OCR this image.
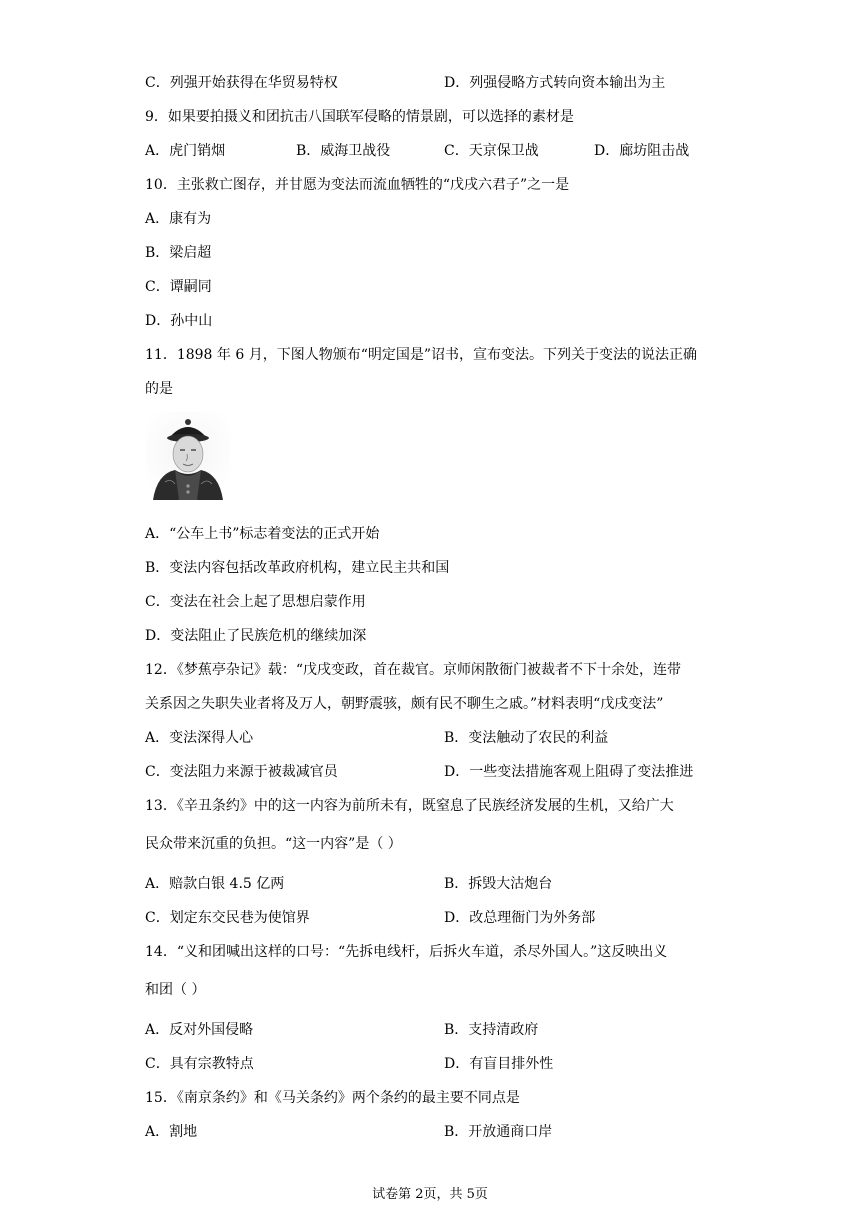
C．列强开始获得在华贸易特权	D．列强侵略方式转向资本输出为主
9．如果要拍摄义和团抗击八国联军侵略的情景剧，可以选择的素材是
A．虎门销烟	B．威海卫战役	C．天京保卫战	D．廊坊阻击战
10．主张救亡图存，并甘愿为变法而流血牺牲的“戊戌六君子”之一是
A．康有为
B．梁启超
C．谭嗣同
D．孙中山
11．1898 年 6 月，下图人物颁布“明定国是”诏书，宣布变法。下列关于变法的说法正确
的是
A．“公车上书”标志着变法的正式开始
B．变法内容包括改革政府机构，建立民主共和国
C．变法在社会上起了思想启蒙作用
D．变法阻止了民族危机的继续加深
12．《梦蕉亭杂记》载：“戊戌变政，首在裁官。京师闲散衙门被裁者不下十余处，连带
关系因之失职失业者将及万人，朝野震骇，颇有民不聊生之戚。”材料表明“戊戌变法”
A．变法深得人心	B．变法触动了农民的利益
C．变法阻力来源于被裁减官员	D．一些变法措施客观上阻碍了变法推进
13．《辛丑条约》中的这一内容为前所未有，既窒息了民族经济发展的生机，又给广大
民众带来沉重的负担。“这一内容”是（ ）
A．赔款白银 4.5 亿两	B．拆毁大沽炮台
C．划定东交民巷为使馆界	D．改总理衙门为外务部
14．“义和团喊出这样的口号：“先拆电线杆，后拆火车道，杀尽外国人。”这反映出义
和团（ ）
A．反对外国侵略	B．支持清政府
C．具有宗教特点	D．有盲目排外性
15．《南京条约》和《马关条约》两个条约的最主要不同点是
A．割地	B．开放通商口岸
试卷第 2页，共 5页
